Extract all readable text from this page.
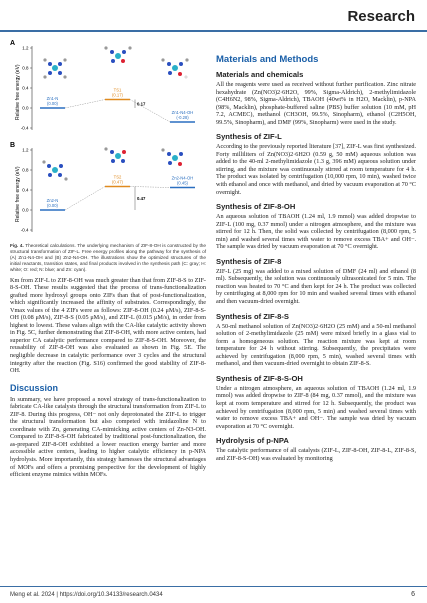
Research
A
Relative free energy (eV)
1.2
0.8
0.4
0.0
-0.4
Zn1-N
(0.00)
TS1
(0.17)
Zn1-N4-OH
(-0.28)
0.17
B
Relative free energy (eV)
1.2
0.8
0.4
0.0
-0.4
Zn2-N
(0.00)
TS2
(0.47)
Zn2-N4-OH
(0.45)
0.47

Fig. 4. Theoretical calculations. The underlying mechanism of ZIF-8-OH is constructed by the structural transformation of ZIF-L. Free energy profiles along the pathway for the synthesis of (A) Zn1-N4-OH and (B) Zn2-N4-OH. The illustrations show the optimized structures of the initial reactants, transition states, and final products involved in the synthesis path (C: gray; H: white; O: red; N: blue; and Zn: cyan).

Km from ZIF-L to ZIF-8-OH was much greater than that from ZIF-8-S to ZIF-8-S-OH. These results suggested that the process of trans-functionalization grafted more hydroxyl groups onto ZIFs than that of post-functionalization, which significantly increased the affinity of substrates. Correspondingly, the Vmax values of the 4 ZIFs were as follows: ZIF-8-OH (0.24 μM/s), ZIF-8-S-OH (0.08 μM/s), ZIF-8-S (0.05 μM/s), and ZIF-L (0.015 μM/s), in order from highest to lowest. These values align with the CA-like catalytic activity shown in Fig. 5C, further demonstrating that ZIF-8-OH, with more active centers, had superior CA catalytic performance compared to ZIF-8-S-OH. Moreover, the reusability of ZIF-8-OH was also evaluated as shown in Fig. 5E. The negligible decrease in catalytic performance over 3 cycles and the structural integrity after the reaction (Fig. S16) confirmed the good stability of ZIF-8-OH.

Discussion

In summary, we have proposed a novel strategy of trans-functionalization to fabricate CA-like catalysts through the structural transformation from ZIF-L to ZIF-8. During this progress, OH− not only deprotonated the ZIF-L to trigger the structural transformation but also competed with imidazoline N to coordinate with Zn, generating CA-mimicking active centers of Zn-N3-OH. Compared to ZIF-8-S-OH fabricated by traditional post-functionalization, the as-prepared ZIF-8-OH exhibited a lower reaction energy barrier and more accessible active centers, leading to higher catalytic efficiency in p-NPA hydrolysis. More importantly, this strategy harnesses the structural advantages of MOFs and offers a promising perspective for the development of highly efficient enzyme mimics within MOFs.

Materials and Methods
Materials and chemicals

All the reagents were used as received without further purification. Zinc nitrate hexahydrate (Zn(NO3)2·6H2O, 99%, Sigma-Aldrich), 2-methylimidazole (C4H6N2, 98%, Sigma-Aldrich), TBAOH (40wt% in H2O, Macklin), p-NPA (98%, Macklin), phosphate-buffered saline (PBS) buffer solution (10 mM, pH 7.2, ACMEC), methanol (CH3OH, 99.5%, Sinopharm), ethanol (C2H5OH, 99.5%, Sinopharm), and DMF (99%, Sinopharm) were used in the study.

Synthesis of ZIF-L

According to the previously reported literature [37], ZIF-L was first synthesized. Forty milliliters of Zn(NO3)2·6H2O (0.59 g, 50 mM) aqueous solution was added to the 40-ml 2-methylimidazole (1.3 g, 396 mM) aqueous solution under stirring, and the mixture was continuously stirred at room temperature for 4 h. The product was isolated by centrifugation (10,000 rpm, 10 min), washed twice with ethanol and once with methanol, and dried by vacuum evaporation at 70 °C overnight.

Synthesis of ZIF-8-OH

An aqueous solution of TBAOH (1.24 ml, 1.9 mmol) was added dropwise to ZIF-L (100 mg, 0.37 mmol) under a nitrogen atmosphere, and the mixture was stirred for 12 h. Then, the solid was collected by centrifugation (8,000 rpm, 5 min) and washed several times with water to remove excess TBA+ and OH−. The sample was dried by vacuum evaporation at 70 °C overnight.

Synthesis of ZIF-8

ZIF-L (25 mg) was added to a mixed solution of DMF (24 ml) and ethanol (8 ml). Subsequently, the solution was continuously ultrasonicated for 5 min. The reaction was heated to 70 °C and then kept for 24 h. The product was collected by centrifuging at 8,000 rpm for 10 min and washed several times with ethanol and then vacuum-dried overnight.

Synthesis of ZIF-8-S

A 50-ml methanol solution of Zn(NO3)2·6H2O (25 mM) and a 50-ml methanol solution of 2-methylimidazole (25 mM) were mixed briefly in a glass vial to form a homogeneous solution. The reaction mixture was kept at room temperature for 24 h without stirring. Subsequently, the precipitates were achieved by centrifugation (8,000 rpm, 5 min), washed several times with methanol, and then vacuum-dried overnight to obtain ZIF-8-S.

Synthesis of ZIF-8-S-OH

Under a nitrogen atmosphere, an aqueous solution of TBAOH (1.24 ml, 1.9 mmol) was added dropwise to ZIF-8 (84 mg, 0.37 mmol), and the mixture was kept at room temperature and stirred for 12 h. Subsequently, the product was achieved by centrifugation (8,000 rpm, 5 min) and washed several times with water to remove excess TBA+ and OH−. The sample was dried by vacuum evaporation at 70 °C overnight.

Hydrolysis of p-NPA

The catalytic performance of all catalysts (ZIF-L, ZIF-8-OH, ZIF-8-L, ZIF-8-S, and ZIF-8-S-OH) was evaluated by monitoring

Meng et al. 2024 | https://doi.org/10.34133/research.0434	6
